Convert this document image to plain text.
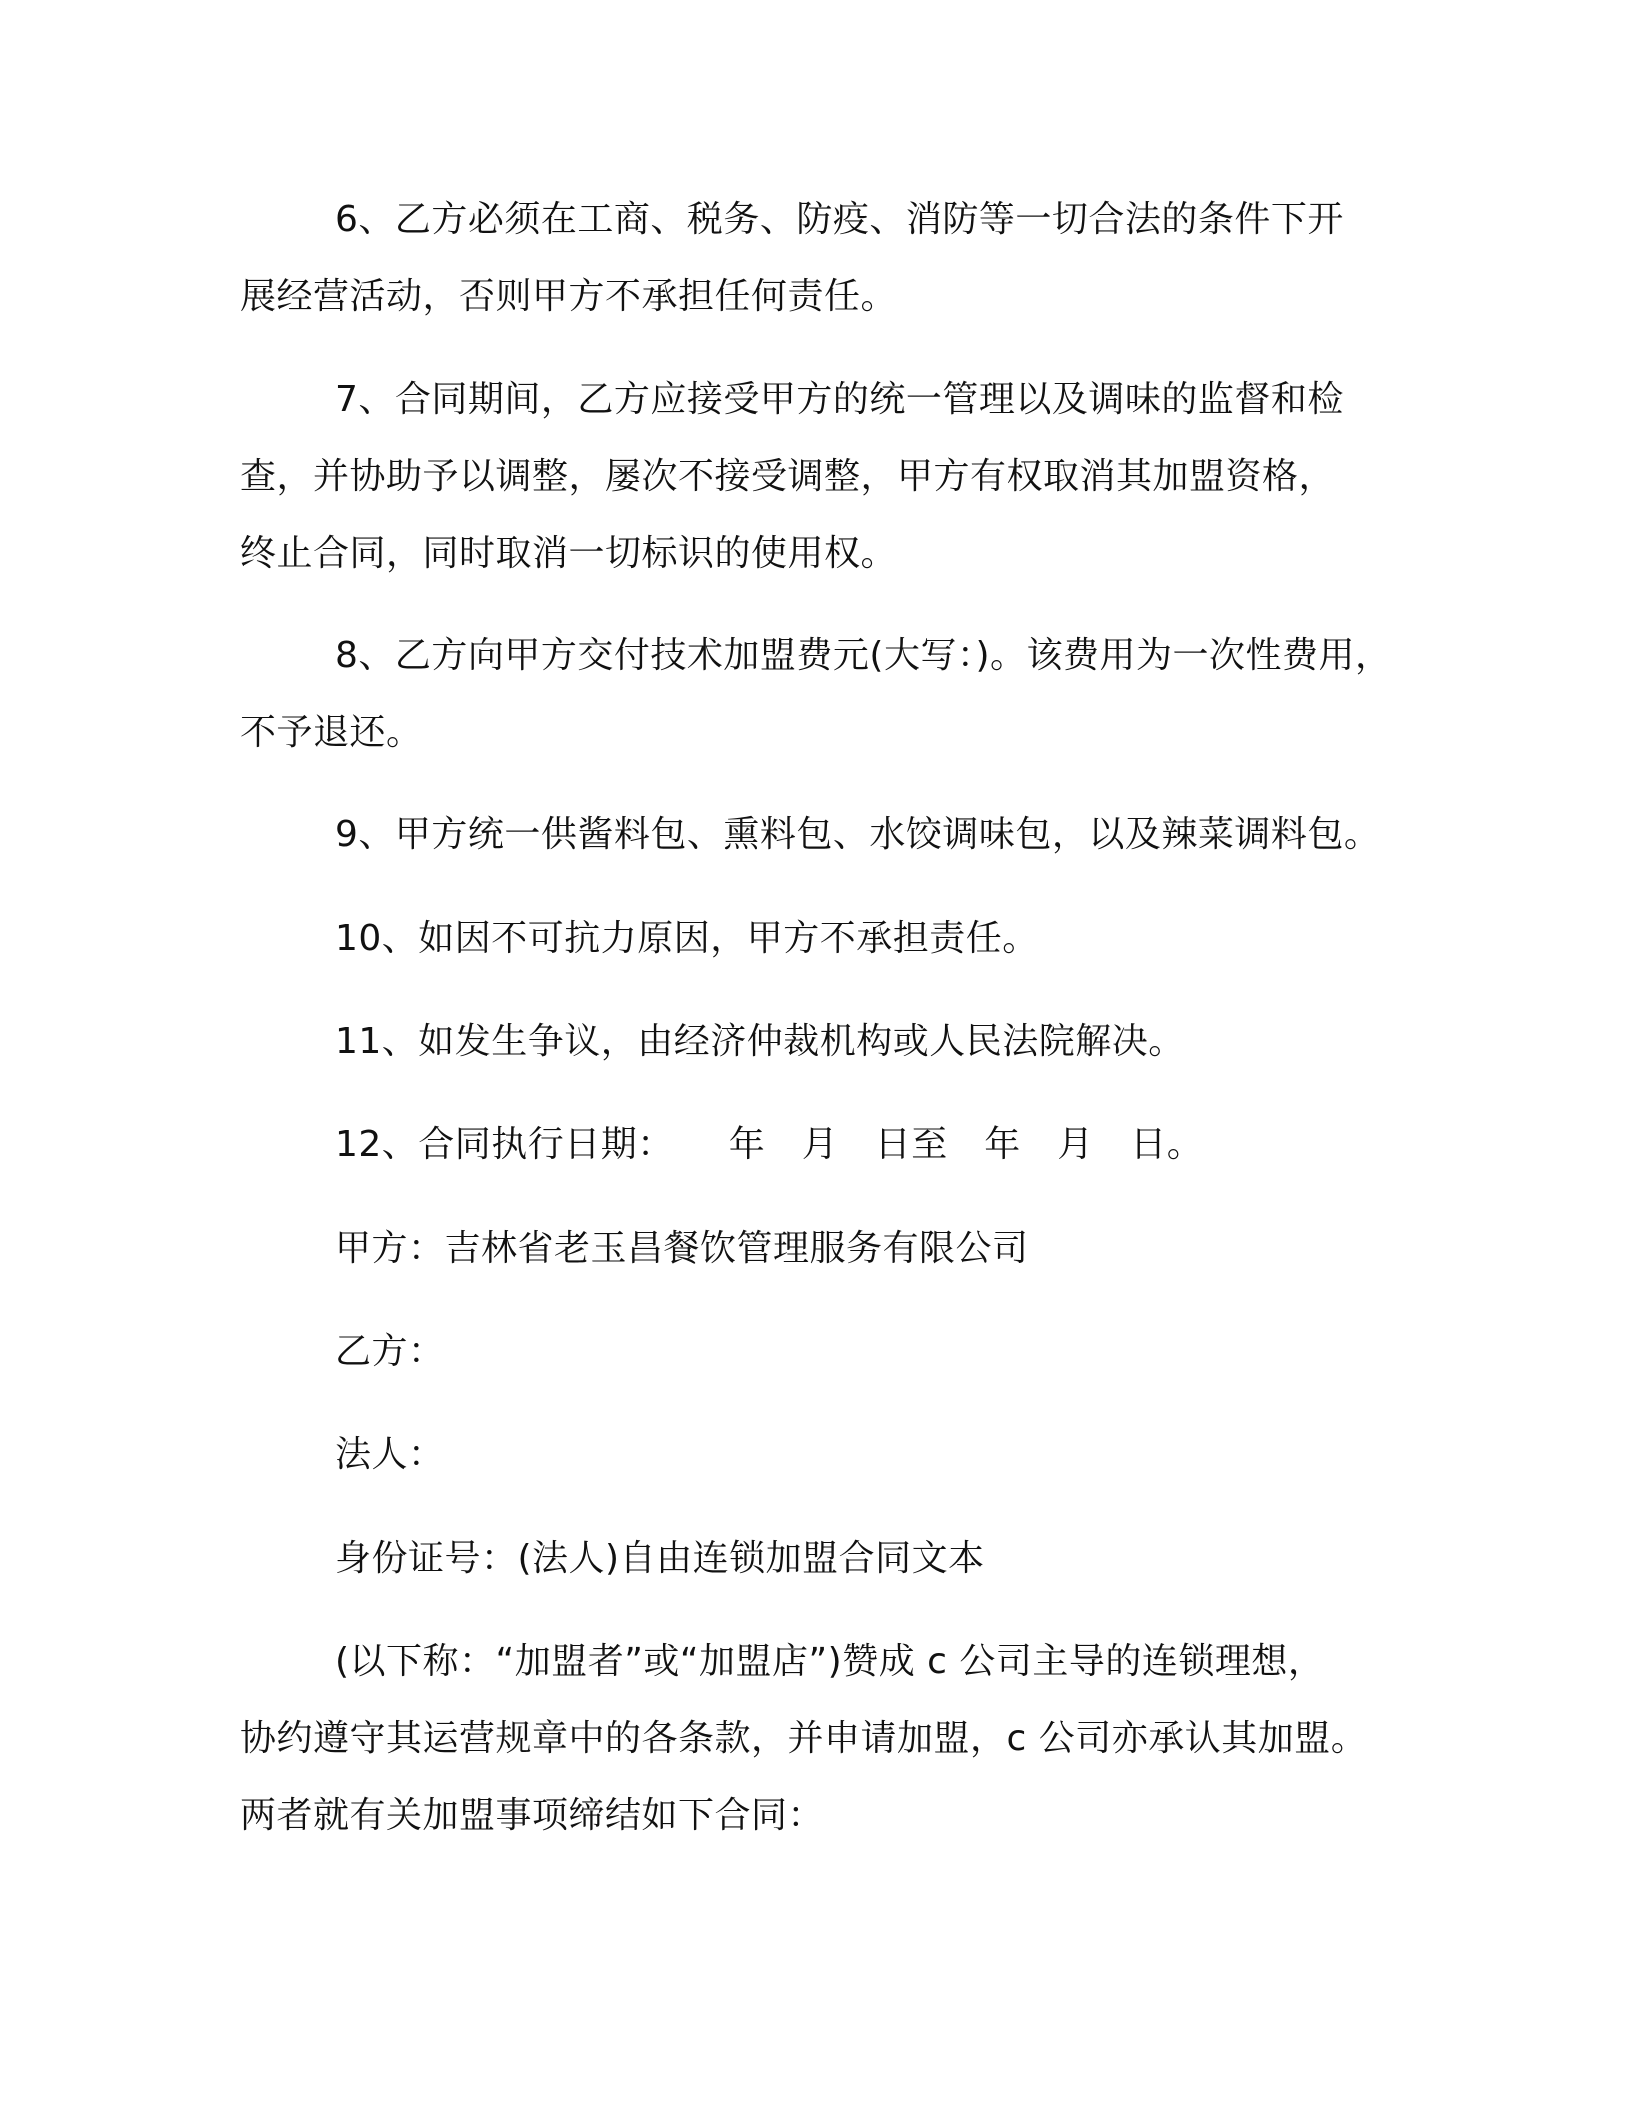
6、乙方必须在工商、税务、防疫、消防等一切合法的条件下开
展经营活动，否则甲方不承担任何责任。

7、合同期间，乙方应接受甲方的统一管理以及调味的监督和检
查，并协助予以调整，屡次不接受调整，甲方有权取消其加盟资格，
终止合同，同时取消一切标识的使用权。

8、乙方向甲方交付技术加盟费元(大写：)。该费用为一次性费用，
不予退还。

9、甲方统一供酱料包、熏料包、水饺调味包，以及辣菜调料包。

10、如因不可抗力原因，甲方不承担责任。

11、如发生争议，由经济仲裁机构或人民法院解决。

12、合同执行日期：　　年　月　日至　年　月　日。

甲方：吉林省老玉昌餐饮管理服务有限公司

乙方：

法人：

身份证号：(法人)自由连锁加盟合同文本

(以下称：“加盟者”或“加盟店”)赞成 c 公司主导的连锁理想，
协约遵守其运营规章中的各条款，并申请加盟，c 公司亦承认其加盟。
两者就有关加盟事项缔结如下合同：
